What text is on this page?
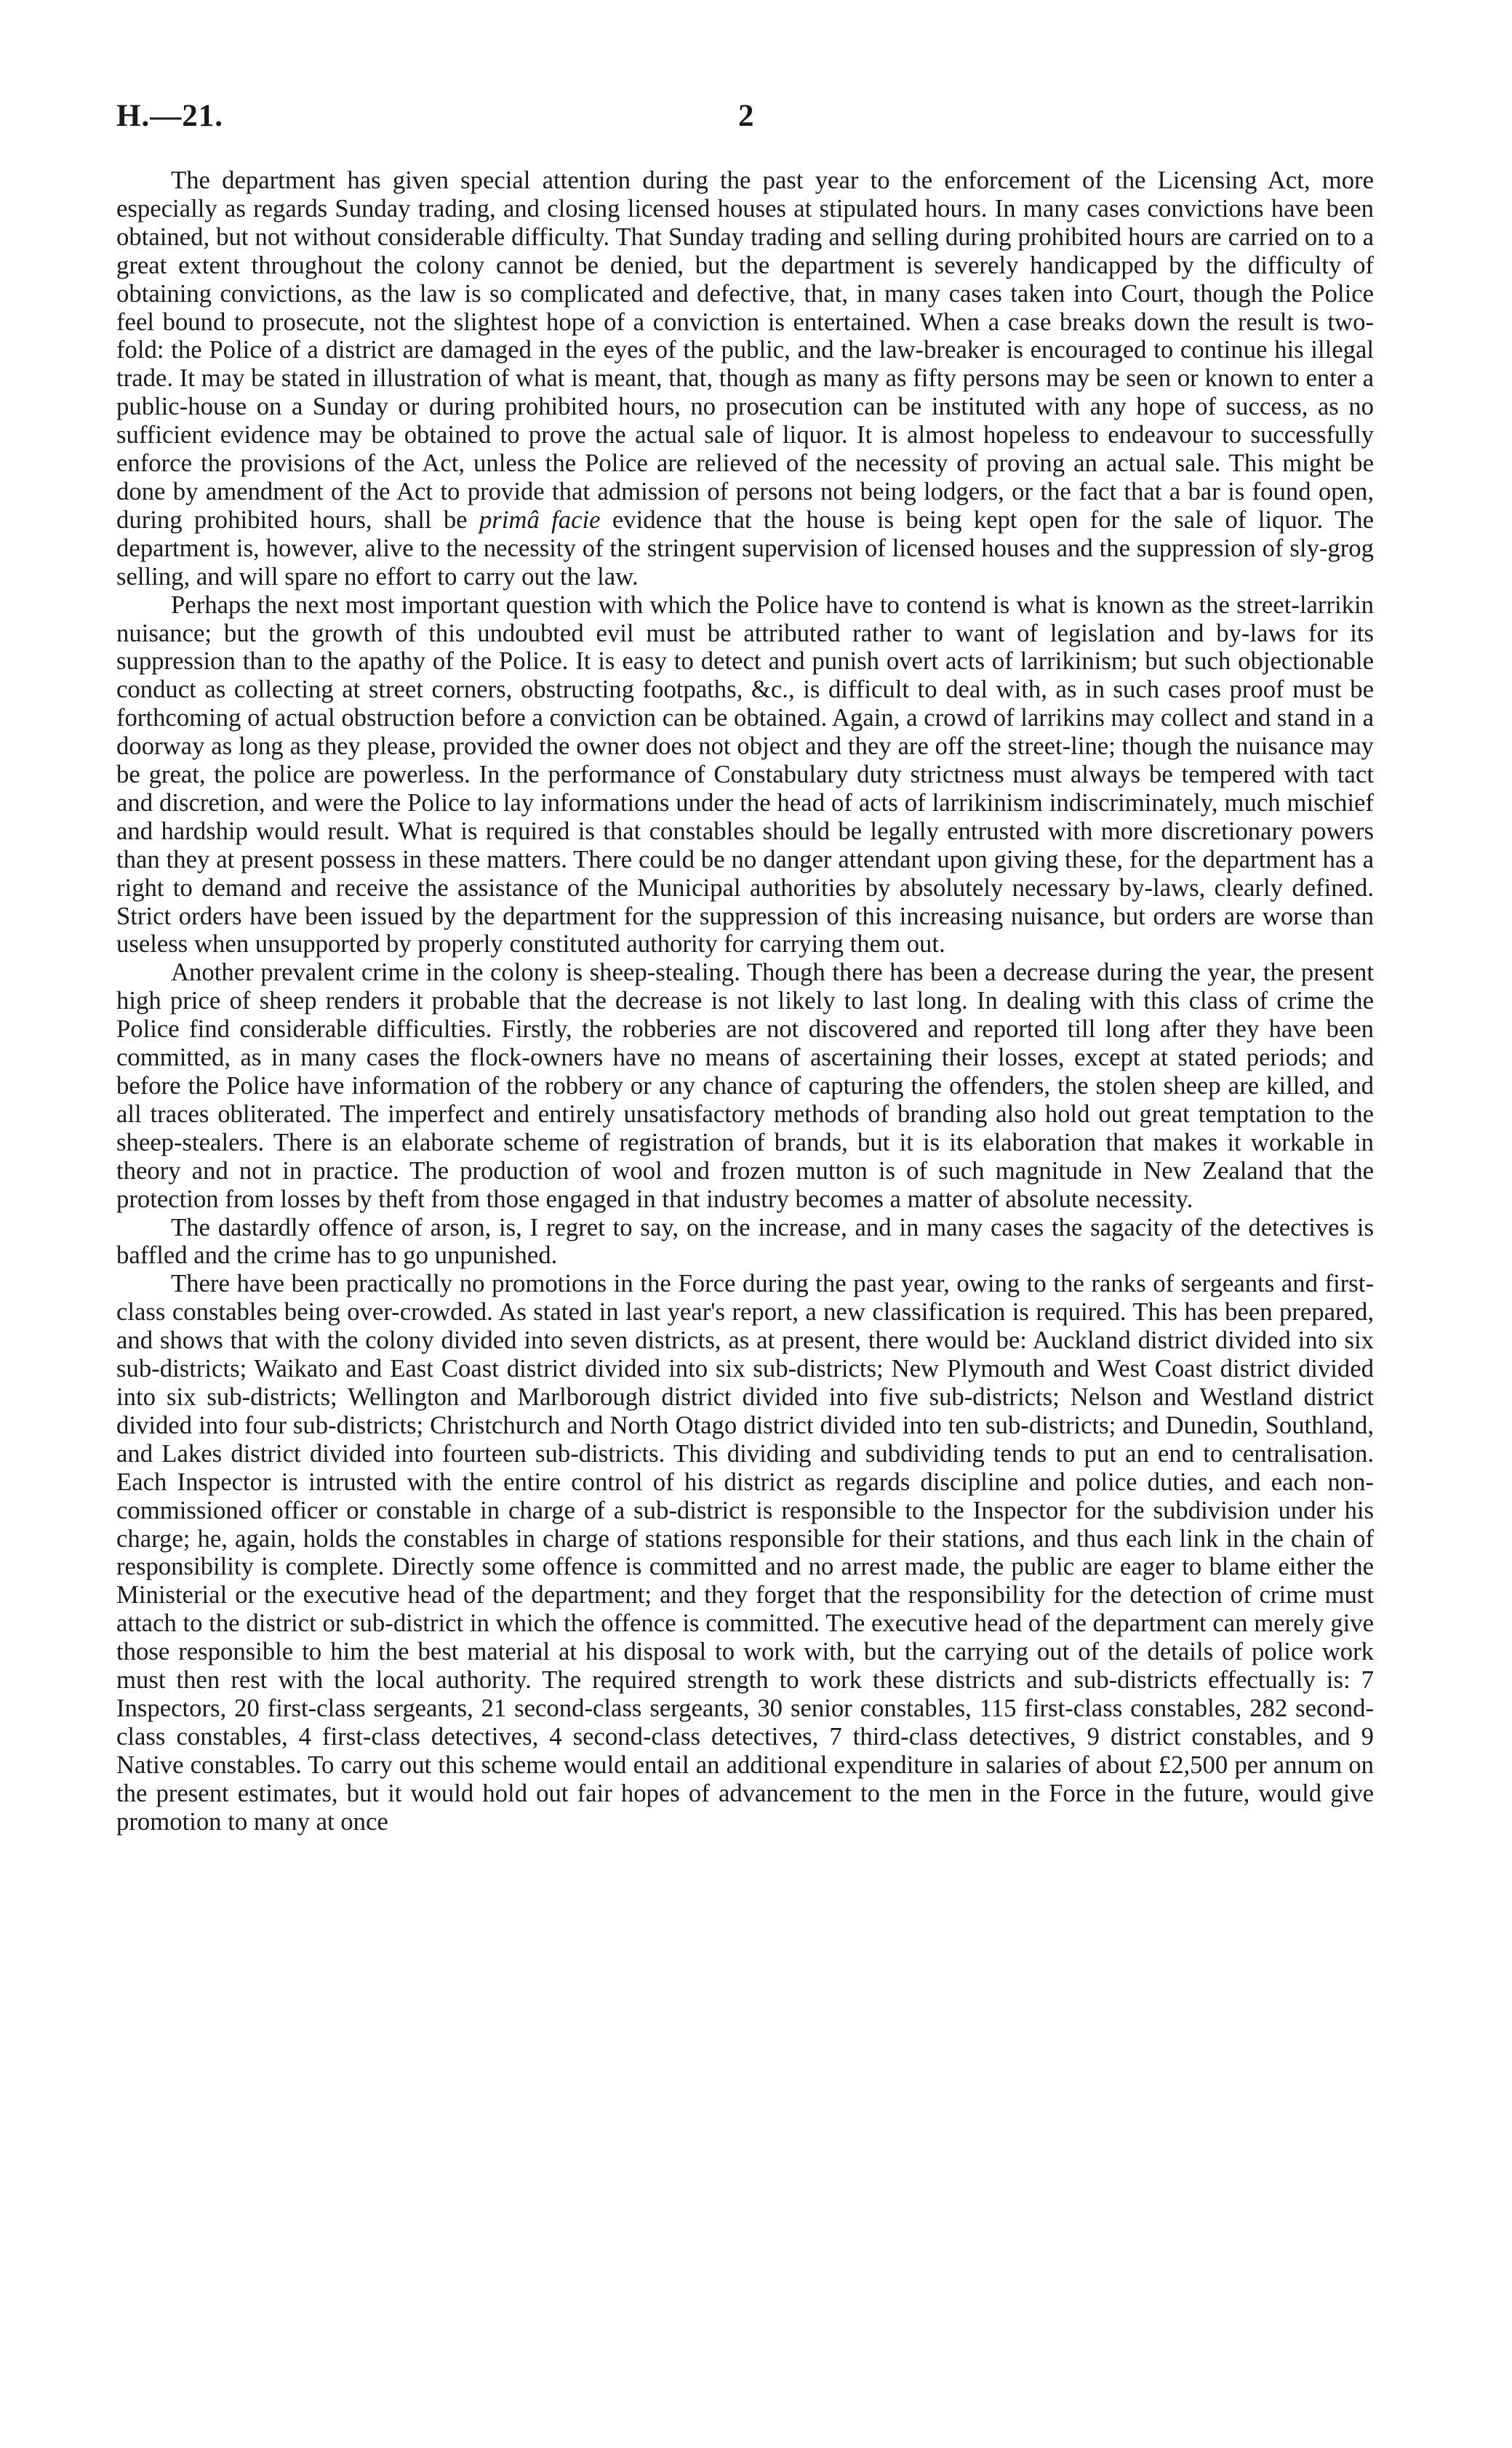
H.—21.	2

The department has given special attention during the past year to the enforcement of the Licensing Act, more especially as regards Sunday trading, and closing licensed houses at stipulated hours. In many cases convictions have been obtained, but not without considerable difficulty. That Sunday trading and selling during prohibited hours are carried on to a great extent throughout the colony cannot be denied, but the department is severely handicapped by the difficulty of obtaining convictions, as the law is so complicated and defective, that, in many cases taken into Court, though the Police feel bound to prosecute, not the slightest hope of a conviction is entertained. When a case breaks down the result is two-fold: the Police of a district are damaged in the eyes of the public, and the law-breaker is encouraged to continue his illegal trade. It may be stated in illustration of what is meant, that, though as many as fifty persons may be seen or known to enter a public-house on a Sunday or during prohibited hours, no prosecution can be instituted with any hope of success, as no sufficient evidence may be obtained to prove the actual sale of liquor. It is almost hopeless to endeavour to successfully enforce the provisions of the Act, unless the Police are relieved of the necessity of proving an actual sale. This might be done by amendment of the Act to provide that admission of persons not being lodgers, or the fact that a bar is found open, during prohibited hours, shall be primâ facie evidence that the house is being kept open for the sale of liquor. The department is, however, alive to the necessity of the stringent supervision of licensed houses and the suppression of sly-grog selling, and will spare no effort to carry out the law.

Perhaps the next most important question with which the Police have to contend is what is known as the street-larrikin nuisance; but the growth of this undoubted evil must be attributed rather to want of legislation and by-laws for its suppression than to the apathy of the Police. It is easy to detect and punish overt acts of larrikinism; but such objectionable conduct as collecting at street corners, obstructing footpaths, &c., is difficult to deal with, as in such cases proof must be forthcoming of actual obstruction before a conviction can be obtained. Again, a crowd of larrikins may collect and stand in a doorway as long as they please, provided the owner does not object and they are off the street-line; though the nuisance may be great, the police are powerless. In the performance of Constabulary duty strictness must always be tempered with tact and discretion, and were the Police to lay informations under the head of acts of larrikinism indiscriminately, much mischief and hardship would result. What is required is that constables should be legally entrusted with more discretionary powers than they at present possess in these matters. There could be no danger attendant upon giving these, for the department has a right to demand and receive the assistance of the Municipal authorities by absolutely necessary by-laws, clearly defined. Strict orders have been issued by the department for the suppression of this increasing nuisance, but orders are worse than useless when unsupported by properly constituted authority for carrying them out.

Another prevalent crime in the colony is sheep-stealing. Though there has been a decrease during the year, the present high price of sheep renders it probable that the decrease is not likely to last long. In dealing with this class of crime the Police find considerable difficulties. Firstly, the robberies are not discovered and reported till long after they have been committed, as in many cases the flock-owners have no means of ascertaining their losses, except at stated periods; and before the Police have information of the robbery or any chance of capturing the offenders, the stolen sheep are killed, and all traces obliterated. The imperfect and entirely unsatisfactory methods of branding also hold out great temptation to the sheep-stealers. There is an elaborate scheme of registration of brands, but it is its elaboration that makes it workable in theory and not in practice. The production of wool and frozen mutton is of such magnitude in New Zealand that the protection from losses by theft from those engaged in that industry becomes a matter of absolute necessity.

The dastardly offence of arson, is, I regret to say, on the increase, and in many cases the sagacity of the detectives is baffled and the crime has to go unpunished.

There have been practically no promotions in the Force during the past year, owing to the ranks of sergeants and first-class constables being over-crowded. As stated in last year's report, a new classification is required. This has been prepared, and shows that with the colony divided into seven districts, as at present, there would be: Auckland district divided into six sub-districts; Waikato and East Coast district divided into six sub-districts; New Plymouth and West Coast district divided into six sub-districts; Wellington and Marlborough district divided into five sub-districts; Nelson and Westland district divided into four sub-districts; Christchurch and North Otago district divided into ten sub-districts; and Dunedin, Southland, and Lakes district divided into fourteen sub-districts. This dividing and subdividing tends to put an end to centralisation. Each Inspector is intrusted with the entire control of his district as regards discipline and police duties, and each non-commissioned officer or constable in charge of a sub-district is responsible to the Inspector for the subdivision under his charge; he, again, holds the constables in charge of stations responsible for their stations, and thus each link in the chain of responsibility is complete. Directly some offence is committed and no arrest made, the public are eager to blame either the Ministerial or the executive head of the department; and they forget that the responsibility for the detection of crime must attach to the district or sub-district in which the offence is committed. The executive head of the department can merely give those responsible to him the best material at his disposal to work with, but the carrying out of the details of police work must then rest with the local authority. The required strength to work these districts and sub-districts effectually is: 7 Inspectors, 20 first-class sergeants, 21 second-class sergeants, 30 senior constables, 115 first-class constables, 282 second-class constables, 4 first-class detectives, 4 second-class detectives, 7 third-class detectives, 9 district constables, and 9 Native constables. To carry out this scheme would entail an additional expenditure in salaries of about £2,500 per annum on the present estimates, but it would hold out fair hopes of advancement to the men in the Force in the future, would give promotion to many at once
